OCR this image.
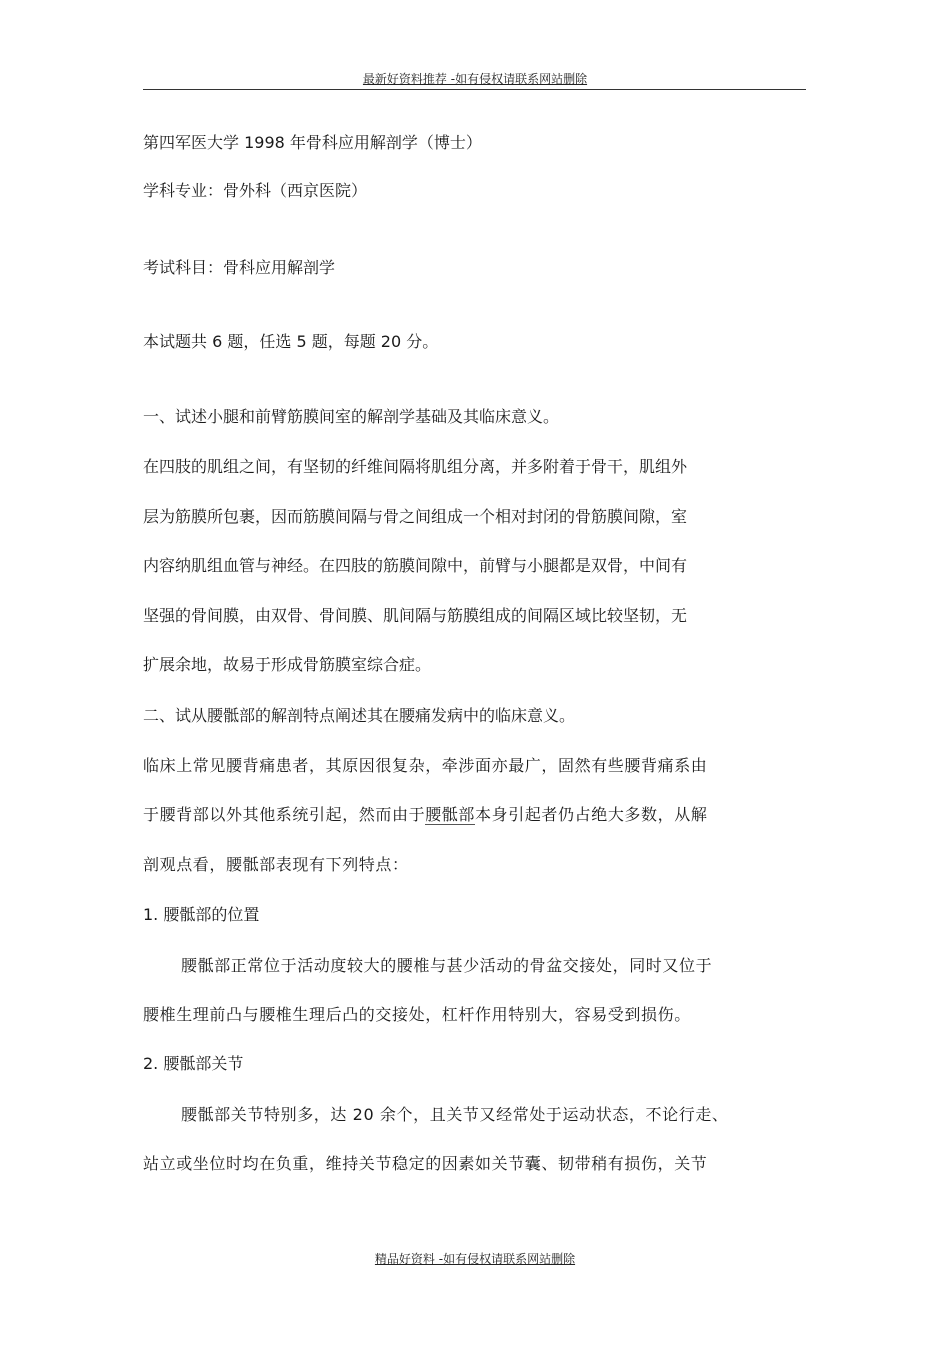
最新好资料推荐 -如有侵权请联系网站删除
第四军医大学 1998 年骨科应用解剖学（博士）
学科专业：骨外科（西京医院）
考试科目：骨科应用解剖学
本试题共 6 题，任选 5 题，每题 20 分。
一、试述小腿和前臂筋膜间室的解剖学基础及其临床意义。
在四肢的肌组之间，有坚韧的纤维间隔将肌组分离，并多附着于骨干，肌组外
层为筋膜所包裹，因而筋膜间隔与骨之间组成一个相对封闭的骨筋膜间隙，室
内容纳肌组血管与神经。在四肢的筋膜间隙中，前臂与小腿都是双骨，中间有
坚强的骨间膜，由双骨、骨间膜、肌间隔与筋膜组成的间隔区域比较坚韧，无
扩展余地，故易于形成骨筋膜室综合症。
二、试从腰骶部的解剖特点阐述其在腰痛发病中的临床意义。
临床上常见腰背痛患者，其原因很复杂，牵涉面亦最广，固然有些腰背痛系由
于腰背部以外其他系统引起，然而由于腰骶部本身引起者仍占绝大多数，从解
剖观点看，腰骶部表现有下列特点：
1. 腰骶部的位置
腰骶部正常位于活动度较大的腰椎与甚少活动的骨盆交接处，同时又位于
腰椎生理前凸与腰椎生理后凸的交接处，杠杆作用特别大，容易受到损伤。
2. 腰骶部关节
腰骶部关节特别多，达 20 余个，且关节又经常处于运动状态，不论行走、
站立或坐位时均在负重，维持关节稳定的因素如关节囊、韧带稍有损伤，关节
精品好资料 -如有侵权请联系网站删除
